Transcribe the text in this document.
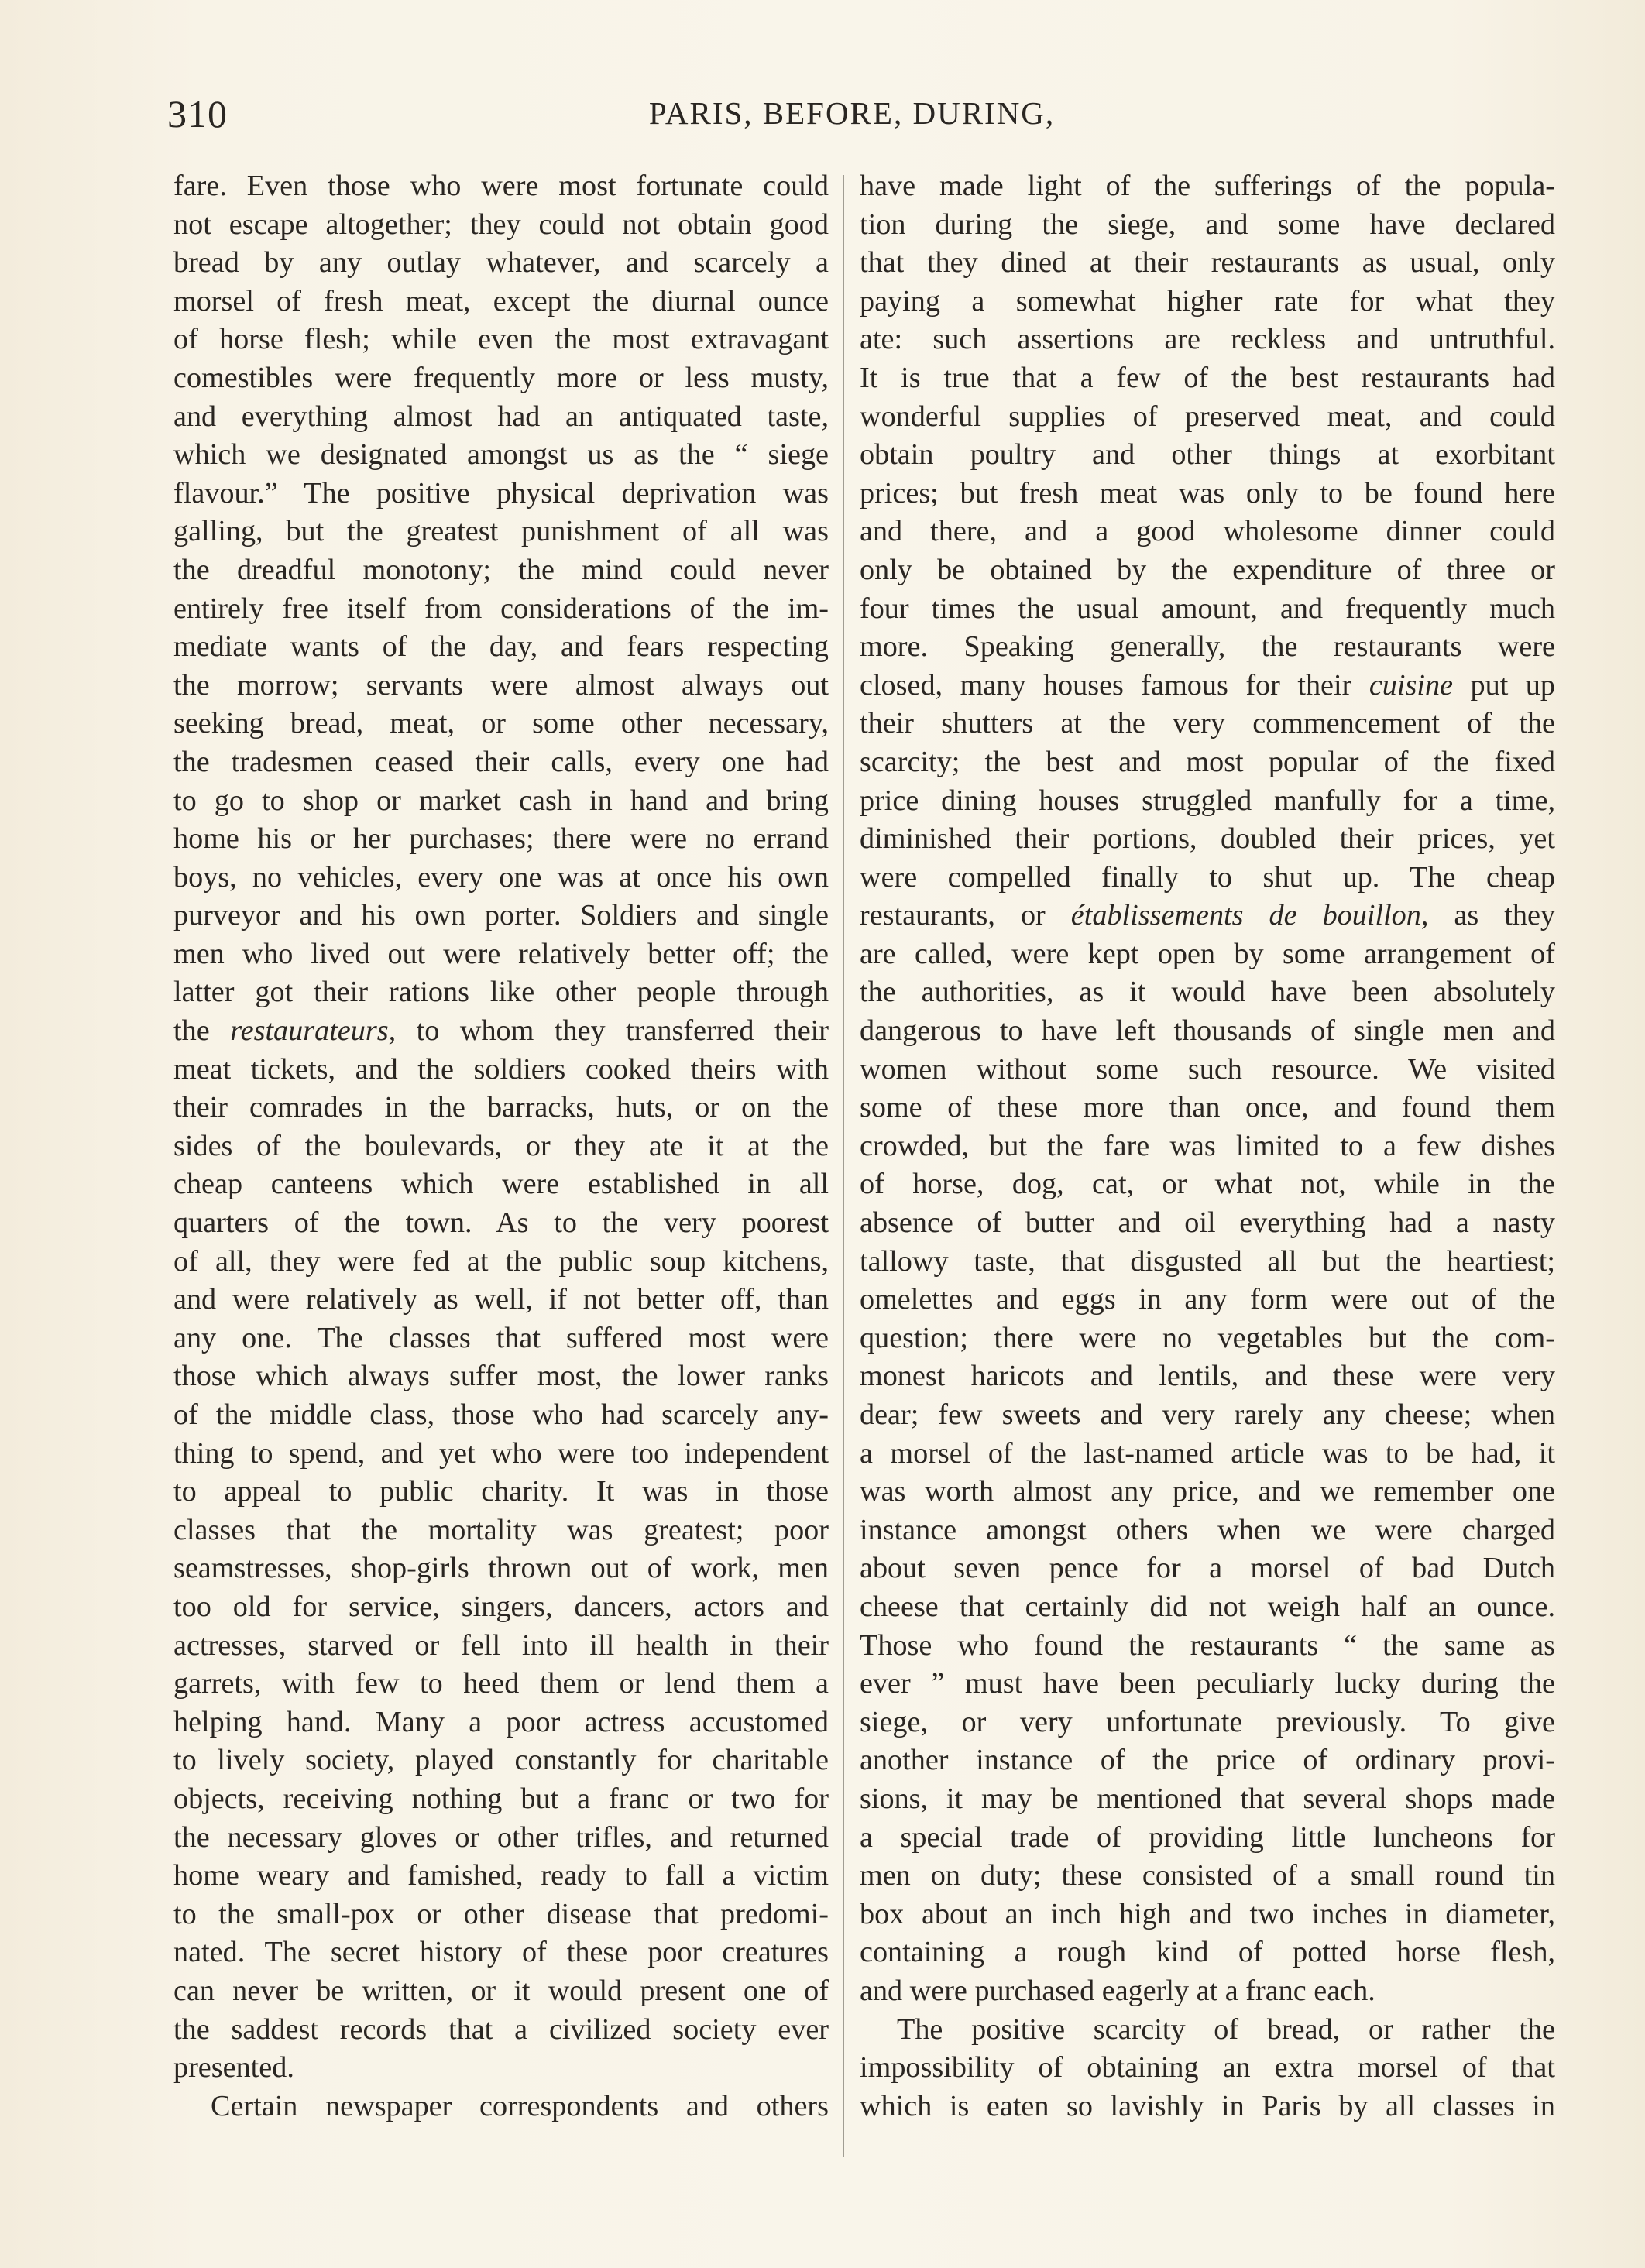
310	PARIS, BEFORE, DURING,
fare. Even those who were most fortunate could
not escape altogether; they could not obtain good
bread by any outlay whatever, and scarcely a
morsel of fresh meat, except the diurnal ounce
of horse flesh; while even the most extravagant
comestibles were frequently more or less musty,
and everything almost had an antiquated taste,
which we designated amongst us as the “ siege
flavour.” The positive physical deprivation was
galling, but the greatest punishment of all was
the dreadful monotony; the mind could never
entirely free itself from considerations of the im-
mediate wants of the day, and fears respecting
the morrow; servants were almost always out
seeking bread, meat, or some other necessary,
the tradesmen ceased their calls, every one had
to go to shop or market cash in hand and bring
home his or her purchases; there were no errand
boys, no vehicles, every one was at once his own
purveyor and his own porter. Soldiers and single
men who lived out were relatively better off; the
latter got their rations like other people through
the restaurateurs, to whom they transferred their
meat tickets, and the soldiers cooked theirs with
their comrades in the barracks, huts, or on the
sides of the boulevards, or they ate it at the
cheap canteens which were established in all
quarters of the town. As to the very poorest
of all, they were fed at the public soup kitchens,
and were relatively as well, if not better off, than
any one. The classes that suffered most were
those which always suffer most, the lower ranks
of the middle class, those who had scarcely any-
thing to spend, and yet who were too independent
to appeal to public charity. It was in those
classes that the mortality was greatest; poor
seamstresses, shop-girls thrown out of work, men
too old for service, singers, dancers, actors and
actresses, starved or fell into ill health in their
garrets, with few to heed them or lend them a
helping hand. Many a poor actress accustomed
to lively society, played constantly for charitable
objects, receiving nothing but a franc or two for
the necessary gloves or other trifles, and returned
home weary and famished, ready to fall a victim
to the small-pox or other disease that predomi-
nated. The secret history of these poor creatures
can never be written, or it would present one of
the saddest records that a civilized society ever
presented.
Certain newspaper correspondents and others
have made light of the sufferings of the popula-
tion during the siege, and some have declared
that they dined at their restaurants as usual, only
paying a somewhat higher rate for what they
ate: such assertions are reckless and untruthful.
It is true that a few of the best restaurants had
wonderful supplies of preserved meat, and could
obtain poultry and other things at exorbitant
prices; but fresh meat was only to be found here
and there, and a good wholesome dinner could
only be obtained by the expenditure of three or
four times the usual amount, and frequently much
more. Speaking generally, the restaurants were
closed, many houses famous for their cuisine put up
their shutters at the very commencement of the
scarcity; the best and most popular of the fixed
price dining houses struggled manfully for a time,
diminished their portions, doubled their prices, yet
were compelled finally to shut up. The cheap
restaurants, or établissements de bouillon, as they
are called, were kept open by some arrangement of
the authorities, as it would have been absolutely
dangerous to have left thousands of single men and
women without some such resource. We visited
some of these more than once, and found them
crowded, but the fare was limited to a few dishes
of horse, dog, cat, or what not, while in the
absence of butter and oil everything had a nasty
tallowy taste, that disgusted all but the heartiest;
omelettes and eggs in any form were out of the
question; there were no vegetables but the com-
monest haricots and lentils, and these were very
dear; few sweets and very rarely any cheese; when
a morsel of the last-named article was to be had, it
was worth almost any price, and we remember one
instance amongst others when we were charged
about seven pence for a morsel of bad Dutch
cheese that certainly did not weigh half an ounce.
Those who found the restaurants “ the same as
ever ” must have been peculiarly lucky during the
siege, or very unfortunate previously. To give
another instance of the price of ordinary provi-
sions, it may be mentioned that several shops made
a special trade of providing little luncheons for
men on duty; these consisted of a small round tin
box about an inch high and two inches in diameter,
containing a rough kind of potted horse flesh,
and were purchased eagerly at a franc each.
The positive scarcity of bread, or rather the
impossibility of obtaining an extra morsel of that
which is eaten so lavishly in Paris by all classes in
